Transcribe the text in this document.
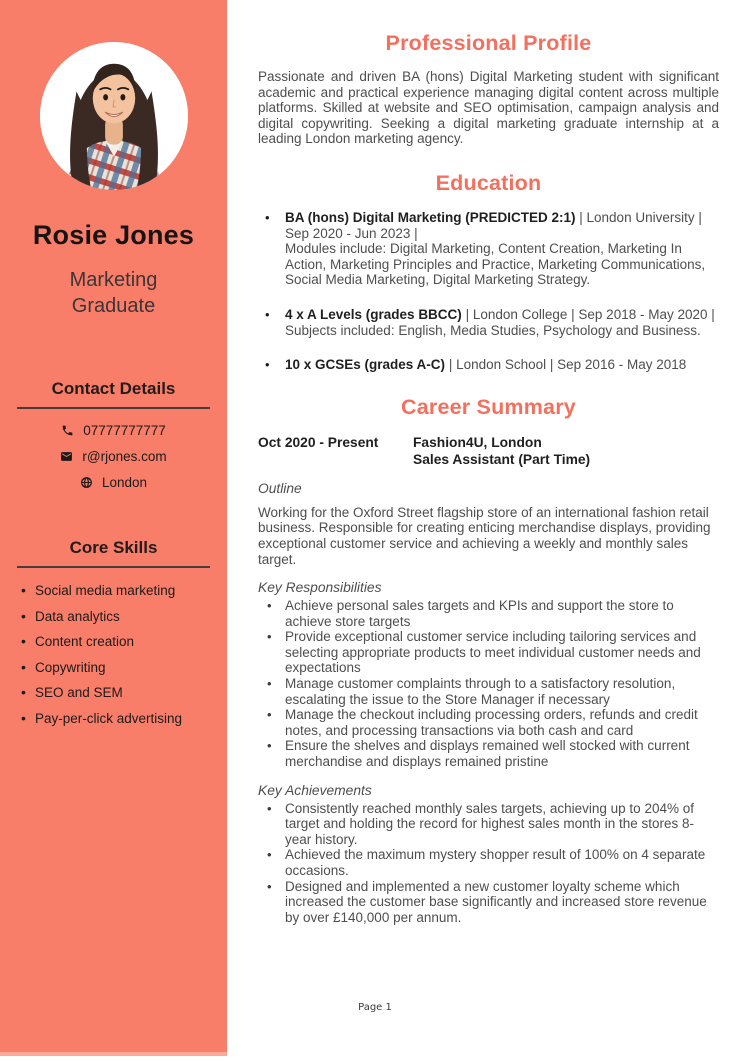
Rosie Jones
Marketing Graduate
Contact Details
07777777777
r@rjones.com
London
Core Skills
• Social media marketing
• Data analytics
• Content creation
• Copywriting
• SEO and SEM
• Pay-per-click advertising
Professional Profile

Passionate and driven BA (hons) Digital Marketing student with significant academic and practical experience managing digital content across multiple platforms. Skilled at website and SEO optimisation, campaign analysis and digital copywriting. Seeking a digital marketing graduate internship at a leading London marketing agency.

Education
• BA (hons) Digital Marketing (PREDICTED 2:1) | London University | Sep 2020 - Jun 2023 |
Modules include: Digital Marketing, Content Creation, Marketing In Action, Marketing Principles and Practice, Marketing Communications, Social Media Marketing, Digital Marketing Strategy.
• 4 x A Levels (grades BBCC) | London College | Sep 2018 - May 2020 |
Subjects included: English, Media Studies, Psychology and Business.
• 10 x GCSEs (grades A-C) | London School | Sep 2016 - May 2018
Career Summary
Oct 2020 - Present	Fashion4U, London
Sales Assistant (Part Time)
Outline

Working for the Oxford Street flagship store of an international fashion retail business. Responsible for creating enticing merchandise displays, providing exceptional customer service and achieving a weekly and monthly sales target.

Key Responsibilities
• Achieve personal sales targets and KPIs and support the store to achieve store targets
• Provide exceptional customer service including tailoring services and selecting appropriate products to meet individual customer needs and expectations
• Manage customer complaints through to a satisfactory resolution, escalating the issue to the Store Manager if necessary
• Manage the checkout including processing orders, refunds and credit notes, and processing transactions via both cash and card
• Ensure the shelves and displays remained well stocked with current merchandise and displays remained pristine
Key Achievements
• Consistently reached monthly sales targets, achieving up to 204% of target and holding the record for highest sales month in the stores 8-year history.
• Achieved the maximum mystery shopper result of 100% on 4 separate occasions.
• Designed and implemented a new customer loyalty scheme which increased the customer base significantly and increased store revenue by over £140,000 per annum.
Page 1
